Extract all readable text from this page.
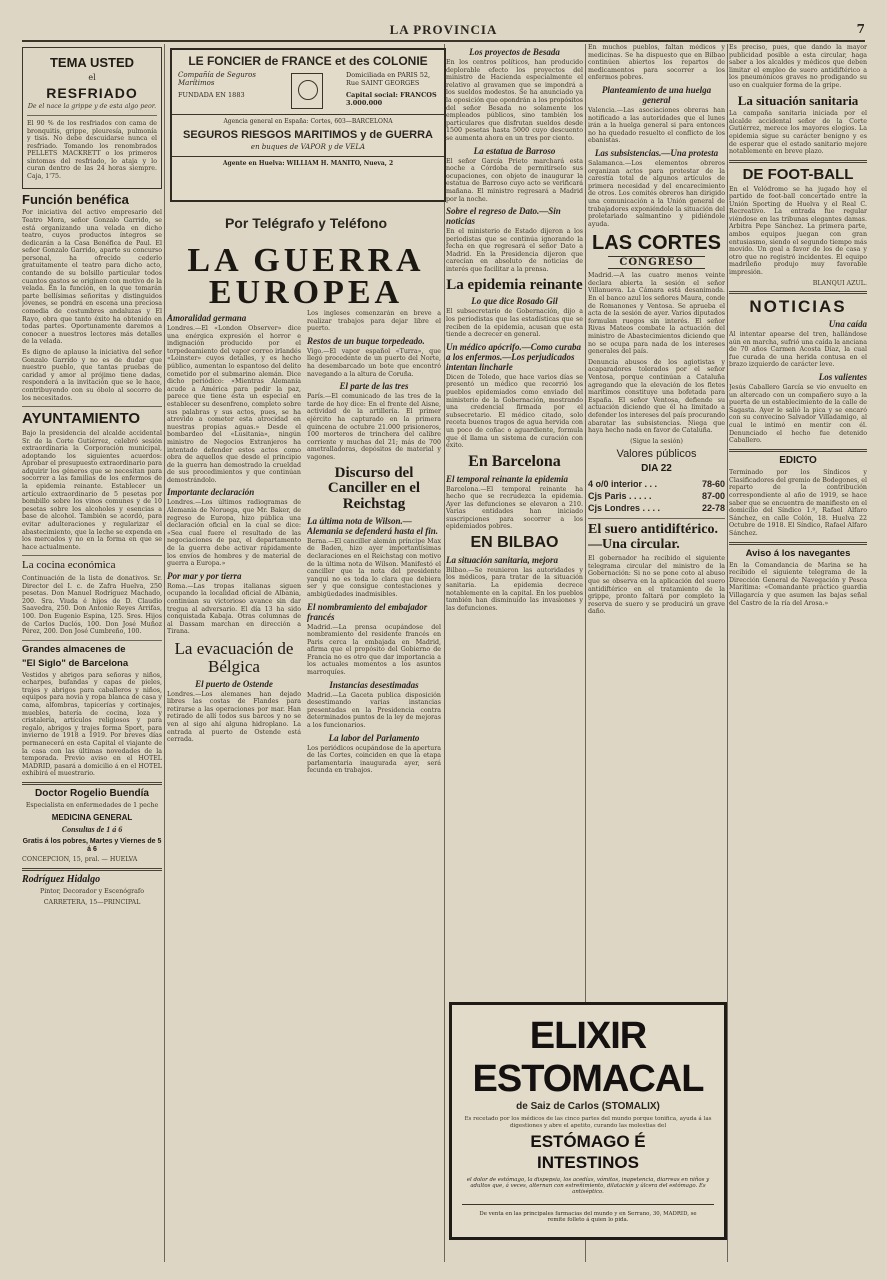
LA PROVINCIA	7
TEMA USTED
el
RESFRIADO

De el nace la grippe y de esta algo peor.

El 90 % de los resfriados con cama de bronquitis, grippe, pleuresía, pulmonía y tisis. No debe descuidarse nunca el resfriado. Tomando los renombrados PELLETS MACKRETT o los primeros síntomas del resfriado, lo ataja y lo curan dentro de las 24 horas siempre. Caja, 1'75.

Función benéfica

Por iniciativa del activo empresario del Teatro Mora, señor Gonzalo Garrido, se está organizando una velada en dicho teatro, cuyos productos íntegros se dedicarán a la Casa Benéfica de Paul. El señor Gonzalo Garrido, aparte su concurso personal, ha ofrecido cederlo gratuitamente el teatro para dicho acto, contando de su bolsillo particular todos cuantos gastos se originen con motivo de la velada. En la función, en la que tomarán parte bellísimas señoritas y distinguidos jóvenes, se pondrá en escena una preciosa comedia de costumbres andaluzas y El Rayo, obra que tanto éxito ha obtenido en todas partes. Oportunamente daremos a conocer a nuestros lectores más detalles de la velada.

Es digno de aplauso la iniciativa del señor Gonzalo Garrido y no es de dudar que nuestro pueblo, que tantas pruebas de caridad y amor al prójimo tiene dadas, responderá a la invitación que se le hace, contribuyendo con su óbolo al socorro de los necesitados.

AYUNTAMIENTO

Bajo la presidencia del alcalde accidental Sr. de la Corte Gutiérrez, celebró sesión extraordinaria la Corporación municipal, adoptando los siguientes acuerdos: Aprobar el presupuesto extraordinario para adquirir los géneros que se necesitan para socorrer a las familias de los enfermos de la epidemia reinante. Establecer un artículo extraordinario de 5 pesetas por bombillo sobre los vinos comunes y de 10 pesetas sobre los alcoholes y esencias a base de alcohol. También se acordó, para evitar adulteraciones y regularizar el abastecimiento, que la leche se expenda en los mercados y no en la forma en que se hace actualmente.

La cocina económica

Continuación de la lista de donativos. Sr. Director del I. c. de Zafra Huelva, 250 pesetas. Don Manuel Rodríguez Machado, 200. Sra. Viuda é hijos de D. Claudio Saavedra, 250. Don Antonio Reyes Arrifas, 100. Don Eugenio Espina, 125. Sres. Hijos de Carlos Duclós, 100. Don José Muñoz Pérez, 200. Don José Cumbreño, 100.

Grandes almacenes de
"El Siglo" de Barcelona

Vestidos y abrigos para señoras y niños, echarpes, bufandas y capas de pieles, trajes y abrigos para caballeros y niños, equipos para novia y ropa blanca de casa y cama, alfombras, tapicerías y cortinajes, muebles, batería de cocina, loza y cristalería, artículos religiosos y para regalo, abrigos y trajes forma Sport, para invierno de 1918 a 1919. Por breves días permanecerá en esta Capital el viajante de la casa con las últimas novedades de la temporada. Previo aviso en el HOTEL MADRID, pasará a domicilio á en el HOTEL exhibirá el muestrario.

Doctor Rogelio Buendía

Especialista en enfermedades de 1 peche

MEDICINA GENERAL
Consultas de 1 á 6
Gratis á los pobres, Martes y Viernes de 5 á 6

CONCEPCION, 15, pral. — HUELVA

Rodríguez Hidalgo

Pintor, Decorador y Escenógrafo

CARRETERA, 15—PRINCIPAL

LE FONCIER de FRANCE et des COLONIE
Compañía de Seguros Marítimos
FUNDADA EN 1883
Domiciliada en PARIS 52, Rue SAINT GEORGES
Capital social: FRANCOS 3.000.000
Agencia general en España: Cortes, 603—BARCELONA
SEGUROS RIESGOS MARITIMOS y de GUERRA
en buques de VAPOR y de VELA
Agente en Huelva: WILLIAM H. MANITO, Nueva, 2
Por Telégrafo y Teléfono
LA GUERRA
EUROPEA
Amoralidad germana

Londres.—El «London Observer» dice una enérgica expresión el horror e indignación producido por el torpedeamiento del vapor correo irlandés «Leinster» cuyos detalles, y es hecho público, aumentan lo espantoso del delito cometido por el submarino alemán. Dice dicho periódico: «Mientras Alemania acude a América para pedir la paz, parece que tiene ésta un especial en establecer su desenfreno, completo sobre sus palabras y sus actos, pues, se ha atrevido a cometer esta atrocidad en nuestras propias aguas.» Desde el bombardeo del «Lusitania», ningún ministro de Negocios Extranjeros ha intentado defender estos actos como obra de aquellos que desde el principio de la guerra han demostrado la crueldad de sus procedimientos y que continúan demostrándolo.

Importante declaración

Londres.—Los últimos radiogramas de Alemania de Noruega, que Mr. Baker, de regreso de Europa, hizo pública una declaración oficial en la cual se dice: «Sea cual fuere el resultado de las negociaciones de paz, el departamento de la guerra debe activar rápidamente los envíos de hombres y de material de guerra a Europa.»

Por mar y por tierra

Roma.—Las tropas italianas siguen ocupando la localidad oficial de Albania, continúan su victorioso avance sin dar tregua al adversario. El día 13 ha sido conquistada Kabaja. Otras columnas de al Dassam marchan en dirección a Tirana.

La evacuación de Bélgica
El puerto de Ostende

Londres.—Los alemanes han dejado libres las costas de Flandes para retirarse a las operaciones por mar. Han retirado de allí todos sus barcos y no se ven al sigo ahí alguna hidroplano. La entrada al puerto de Ostende está cerrada.

Los ingleses comenzarán en breve a realizar trabajos para dejar libre el puerto.

Restos de un buque torpedeado.

Vigo.—El vapor español «Turra», que llegó procedente de un puerto del Norte, ha desembarcado un bote que encontró navegando a la altura de Coruña.

El parte de las tres

París.—El comunicado de las tres de la tarde de hoy dice: En el frente del Aisne, actividad de la artillería. El primer ejército ha capturado en la primera quincena de octubre 21.000 prisioneros, 100 morteros de trinchera del calibre corriente y muchas del 21; más de 700 ametralladoras, depósitos de material y vagones.

Discurso del Canciller en el Reichstag
La última nota de Wilson.—Alemania se defenderá hasta el fin.

Berna.—El canciller alemán príncipe Max de Baden, hizo ayer importantísimas declaraciones en el Reichstag con motivo de la última nota de Wilson. Manifestó el canciller que la nota del presidente yanqui no es toda lo clara que debiera ser y que consigue contestaciones y ambigüedades inadmisibles.

El nombramiento del embajador francés

Madrid.—La prensa ocupándose del nombramiento del residente francés en Paris cerca la embajada en Madrid, afirma que el propósito del Gobierno de Francia no es otro que dar importancia a los actuales momentos a los asuntos marroquíes.

Instancias desestimadas

Madrid.—La Gaceta publica disposición desestimando varias instancias presentadas en la Presidencia contra determinados puntos de la ley de mejoras a los funcionarios.

La labor del Parlamento

Los periódicos ocupándose de la apertura de las Cortes, coinciden en que la etapa parlamentaria inaugurada ayer, será fecunda en trabajos.

Los proyectos de Besada

En los centros políticos, han producido deplorable efecto los proyectos del ministro de Hacienda especialmente el relativo al gravamen que se impondrá a los sueldos modestos. Se ha anunciado ya la oposición que opondrán a los propósitos del señor Besada no solamente los empleados públicos, sino también los particulares que disfrutan sueldos desde 1500 pesetas hasta 5000 cuyo descuento se aumenta ahora en un tres por ciento.

La estatua de Barroso

El señor García Prieto marchará esta noche a Córdoba de permitírselo sus ocupaciones, con objeto de inaugurar la estatua de Barroso cuyo acto se verificará mañana. El ministro regresará a Madrid por la noche.

Sobre el regreso de Dato.—Sin noticias

En el ministerio de Estado dijeron a los periodistas que se continúa ignorando la fecha en que regresará el señor Dato a Madrid. En la Presidencia dijeron que carecían en absoluto de noticias de interés que facilitar a la prensa.

La epidemia reinante
Lo que dice Rosado Gil

El subsecretario de Gobernación, dijo a los periodistas que las estadísticas que se reciben de la epidemia, acusan que esta tiende a decrecer en general.

Un médico apócrifo.—Como curaba a los enfermos.—Los perjudicados intentan lincharle

Dicen de Toledo, que hace varios días se presentó un médico que recorrió los pueblos epidemiados como enviado del ministerio de la Gobernación, mostrando una credencial firmada por el subsecretario. El médico citado, solo receta buenos tragos de agua hervida con un poco de coñac o aguardiente, formula que él llama un sistema de curación con éxito.

En Barcelona
El temporal reinante la epidemia

Barcelona.—El temporal reinante ha hecho que se recrudezca la epidemia. Ayer las defunciones se elevaron a 210. Varias entidades han iniciado suscripciones para socorrer a los epidemiados pobres.

EN BILBAO
La situación sanitaria, mejora

Bilbao.—Se reunieron las autoridades y los médicos, para tratar de la situación sanitaria. La epidemia decrece notablemente en la capital. En los pueblos también han disminuido las invasiones y las defunciones.

En muchos pueblos, faltan médicos y medicinas. Se ha dispuesto que en Bilbao continúen abiertos los repartos de medicamentos para socorrer a los enfermos pobres.

Planteamiento de una huelga general

Valencia.—Las asociaciones obreras han notificado a las autoridades que el lunes irán a la huelga general si para entonces no ha quedado resuelto el conflicto de los ebanistas.

Las subsistencias.—Una protesta

Salamanca.—Los elementos obreros organizan actos para protestar de la carestía total de algunos artículos de primera necesidad y del encarecimiento de otros. Los comités obreros han dirigido una comunicación a la Unión general de trabajadores exponiéndole la situación del proletariado salmantino y pidiéndole ayuda.

LAS CORTES
CONGRESO

Madrid.—A las cuatro menos veinte declara abierta la sesión el señor Villanueva. La Cámara está desanimada. En el banco azul los señores Maura, conde de Romanones y Ventosa. Se aprueba el acta de la sesión de ayer. Varios diputados formulan ruegos sin interés. El señor Rivas Mateos combate la actuación del ministro de Abastecimientos diciendo que no se ocupa para nada de los intereses generales del país.

Denuncia abusos de los agiotistas y acaparadores tolerados por el señor Ventosa, porque continúan a Cataluña agregando que la elevación de los fletes marítimos constituye una bofetada para España. El señor Ventosa, defiende su actuación diciendo que él ha limitado a defender los intereses del país procurando abaratar las subsistencias. Niega que haya hecho nada en favor de Cataluña.

(Sigue la sesión)

Valores públicos
DIA 22
4 o/0 interior . . .	78-60
Cjs Paris . . . . .	87-00
Cjs Londres . . . .	22-78
El suero antidiftérico.—Una circular.

El gobernador ha recibido el siguiente telegrama circular del ministro de la Gobernación: Si no se pone coto al abuso que se observa en la aplicación del suero antidiftérico en el tratamiento de la grippe, pronto faltará por completo la reserva de suero y se producirá un grave daño.

Es preciso, pues, que dando la mayor publicidad posible a esta circular, haga saber a los alcaldes y médicos que deben limitar el empleo de suero antidiftérico a los pneumónicos graves no prodigando su uso en cualquier forma de la gripe.

La situación sanitaria

La campaña sanitaria iniciada por el alcalde accidental señor de la Corte Gutiérrez, merece los mayores elogios. La epidemia sigue su carácter benigno y es de esperar que el estado sanitario mejore notablemente en breve plazo.

DE FOOT-BALL

En el Velódromo se ha jugado hoy el partido de foot-ball concertado entre la Unión Sporting de Huelva y el Real C. Recreativo. La entrada fue regular viéndose en las tribunas elegantes damas. Arbitra Pepe Sánchez. La primera parte, ambos equipos juegan con gran entusiasmo, siendo el segundo tiempo más movido. Un goal a favor de los de casa y otro que no registró incidentes. El equipo madrileño produjo muy favorable impresión.

BLANQUI AZUL.

NOTICIAS
Una caída

Al intentar apearse del tren, hallándose aún en marcha, sufrió una caída la anciana de 70 años Carmen Acosta Díaz, la cual fue curada de una herida contusa en el brazo izquierdo de carácter leve.

Los valientes

Jesús Caballero García se vio envuelto en un altercado con un compañero suyo a la puerta de un establecimiento de la calle de Sagasta. Ayer le salió la pica y se encaró con su convecino Salvador Villadamigo, al cual le intimó en mentir con él. Denunciado el hecho fue detenido Caballero.

EDICTO

Terminado por los Síndicos y Clasificadores del gremio de Bodegones, el reparto de la contribución correspondiente al año de 1919, se hace saber que se encuentra de manifiesto en el domicilio del Síndico 1.º, Rafael Alfaro Sánchez, en calle Colón, 18. Huelva 22 Octubre de 1918. El Síndico, Rafael Alfaro Sánchez.

Aviso á los navegantes

En la Comandancia de Marina se ha recibido el siguiente telegrama de la Dirección General de Navegación y Pesca Marítima: «Comandante práctico guardia Villagarcía y que asumen las bajas señal del Castro de la ría del Arosa.»

ELIXIR ESTOMACAL
de Saiz de Carlos (STOMALIX)
Es recetado por los médicos de las cinco partes del mundo porque tonifica, ayuda á las digestiones y abre el apetito, curando las molestias del
ESTÓMAGO É
INTESTINOS
el dolor de estómago, la dispepsia, los acedías, vómitos, inapetencia, diarreas en niños y adultos que, á veces, alternan con estreñimiento, dilatación y úlcera del estómago. Es antiséptico.
De venta en las principales farmacias del mundo y en Serrano, 30, MADRID, se remite folleto á quien lo pida.
